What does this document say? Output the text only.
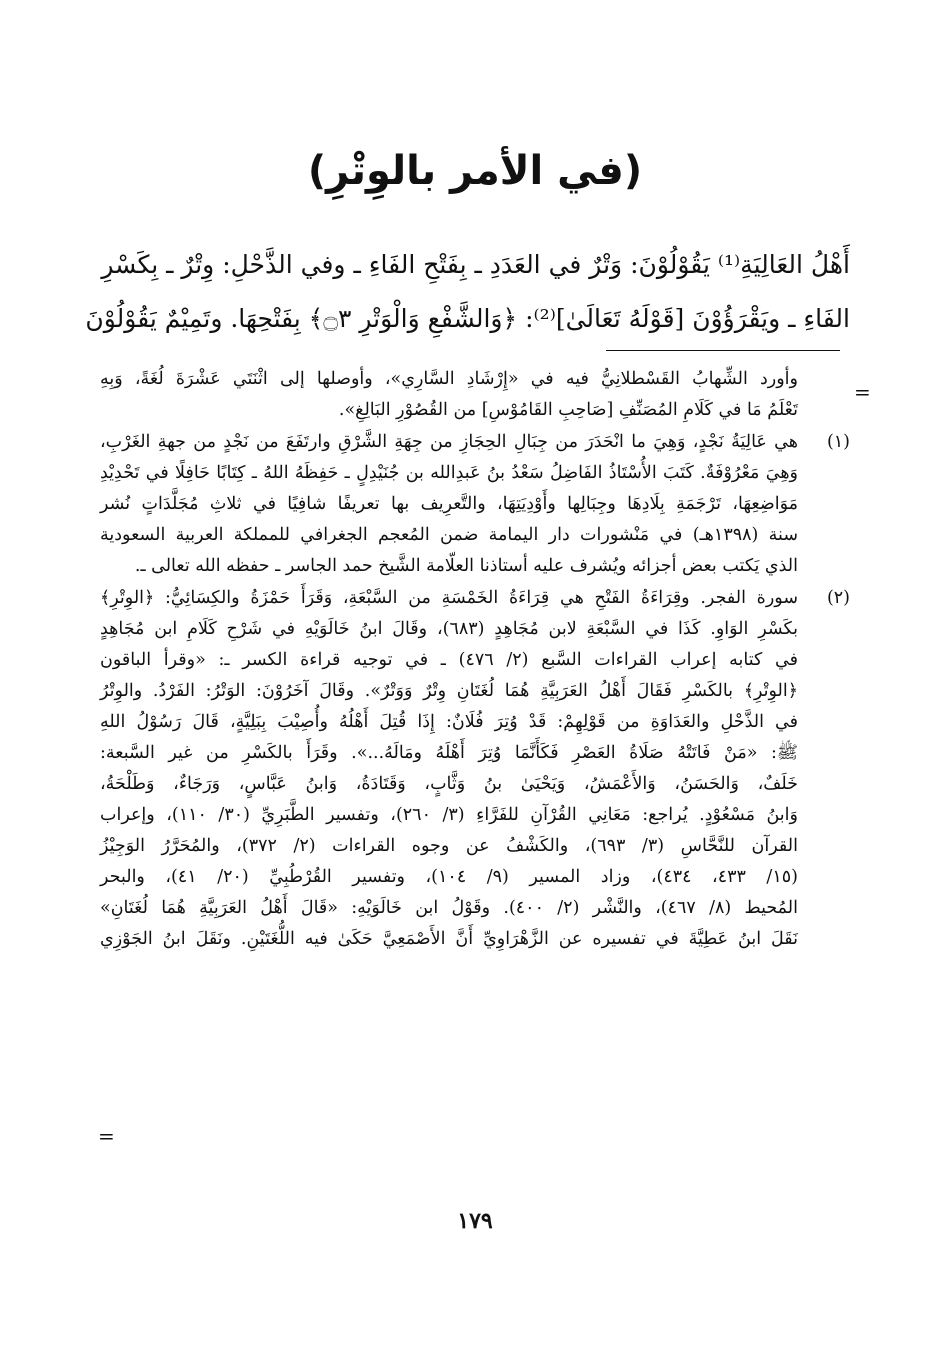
(في الأمر بالوِتْرِ)
أَهْلُ العَالِيَةِ⁽¹⁾ يَقُوْلُوْنَ: وَتْرٌ في العَدَدِ ـ بِفَتْحِ الفَاءِ ـ وفي الذَّحْلِ: وِتْرٌ ـ بِكَسْرِ
الفَاءِ ـ ويَقْرَؤُوْنَ [قَوْلَهُ تَعَالَىٰ]⁽²⁾: ﴿وَالشَّفْعِ وَالْوَتْرِ ۝٣﴾ بِفَتْحِهَا. وتَمِيْمٌ يَقُوْلُوْنَ
=
وأورد الشِّهابُ القَسْطلانِيُّ فيه في «إِرْشَادِ السَّارِي»، وأوصلها إلى اثْنَتَي عَشْرَةَ لُغَةً، وَبِهِ
تَعْلَمُ مَا في كَلَامِ المُصَنِّفِ [صَاحِبِ القَامُوْسِ] من القُصُوْرِ البَالِغِ».
(١)
هي عَالِيَةُ نَجْدٍ، وَهِيَ ما انْحَدَرَ من جِبَالِ الحِجَازِ من جِهَةِ الشَّرْقِ وارتَفَعَ من نَجْدٍ من جهةِ الغَرْبِ،
وَهِيَ مَعْرُوْفَةٌ. كَتَبَ الأُسْتَاذُ الفَاضِلُ سَعْدُ بنُ عَبدِالله بن جُنَيْدِلٍ ـ حَفِظَهُ اللهُ ـ كِتَابًا حَافِلًا في تَحْدِيْدِ
مَوَاضِعِهَا، تَرْجَمَةِ بِلَادِهَا وجِبَالِها وأَوْدِيَتِهَا، والتَّعرِيف بها تعريفًا شافِيًا في ثلاثِ مُجَلَّدَاتٍ نُشر
سنة (١٣٩٨هـ) في مَنْشورات دار اليمامة ضمن المُعجم الجغرافي للمملكة العربية السعودية
الذي يَكتب بعض أجزائه ويُشرف عليه أستاذنا العلّامة الشَّيخ حمد الجاسر ـ حفظه الله تعالى ـ.
(٢)
سورة الفجر. وقِرَاءَةُ الفَتْحِ هي قِرَاءَةُ الخَمْسَةِ من السَّبْعَةِ، وَقَرَأَ حَمْزَةُ والكِسَائِيُّ: ﴿الوِتْرِ﴾
بكَسْرِ الوَاوِ. كَذَا في السَّبْعَةِ لابن مُجَاهِدٍ (٦٨٣)، وقَالَ ابنُ خَالَوَيْهِ في شَرْحِ كَلَامِ ابن مُجَاهِدٍ
في كتابه إعراب القراءات السَّبع (٢/ ٤٧٦) ـ في توجيه قراءة الكسر ـ: «وقرأ الباقون
﴿الوِتْرِ﴾ بالكَسْرِ فَقَالَ أَهْلُ العَرَبِيَّةِ هُمَا لُغَتَانِ وِتْرٌ وَوَتْرٌ». وقَالَ آخَرُوْنَ: الوَتْرُ: الفَرْدُ. والوِتْرُ
في الذَّحْلِ والعَدَاوَةِ من قَوْلِهِمْ: قَدْ وُتِرَ فُلَانٌ: إِذَا قُتِلَ أَهْلُهُ وأُصِيْبَ بِبَلِيَّةٍ، قَالَ رَسُوْلُ اللهِ
ﷺ: «مَنْ فَاتَتْهُ صَلَاةُ العَصْرِ فَكَأَنَّمَا وُتِرَ أَهْلَهُ ومَالَهُ...». وقَرَأَ بالكَسْرِ من غير السَّبعة:
خَلَفٌ، وَالحَسَنُ، وَالأَعْمَشُ، وَيَحْيَىٰ بنُ وَثَّابٍ، وَقَتَادَةُ، وَابنُ عَبَّاسٍ، وَرَجَاءٌ، وَطَلْحَةُ،
وَابنُ مَسْعُوْدٍ. يُراجع: مَعَانِي القُرْآنِ للفَرَّاءِ (٣/ ٢٦٠)، وتفسير الطَّبَرِيِّ (٣٠/ ١١٠)، وإعراب
القرآن للنَّحَّاسِ (٣/ ٦٩٣)، والكَشْفُ عن وجوه القراءات (٢/ ٣٧٢)، والمُحَرَّرُ الوَجِيْزُ
(١٥/ ٤٣٣، ٤٣٤)، وزاد المسير (٩/ ١٠٤)، وتفسير القُرْطُبِيِّ (٢٠/ ٤١)، والبحر
المُحيط (٨/ ٤٦٧)، والنَّشْر (٢/ ٤٠٠). وقَوْلُ ابن خَالَوَيْهِ: «قَالَ أَهْلُ العَرَبِيَّةِ هُمَا لُغَتَانِ»
نَقَلَ ابنُ عَطِيَّةَ في تفسيره عن الزَّهْرَاوِيِّ أَنَّ الأَصْمَعِيَّ حَكَىٰ فيه اللُّغَتَيْنِ. ونَقَلَ ابنُ الجَوْزِي
=
١٧٩
